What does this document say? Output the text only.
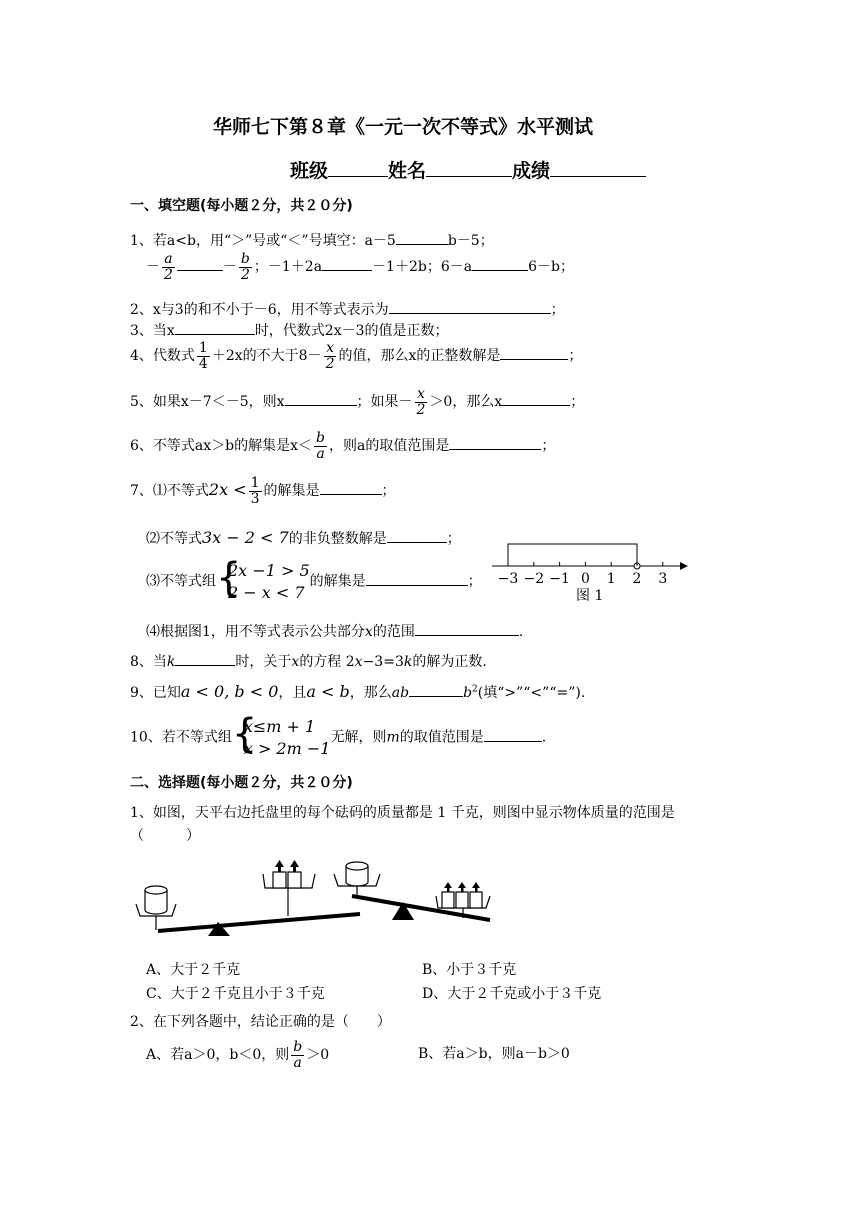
华师七下第８章《一元一次不等式》水平测试
班级	姓名	成绩
一、填空题(每小题２分，共２０分)
1、若a<b，用“＞”号或“＜”号填空：a－5	b－5；
－ $\frac{a}{2}$	－ $\frac{b}{2}$ ；－1＋2a	－1＋2b；6－a	6－b；
2、x与3的和不小于－6，用不等式表示为	；
3、当x	时，代数式2x－3的值是正数；
4、代数式 $\frac{1}{4} +2x$的不大于$8- \frac{x}{2}$ 的值，那么x的正整数解是	；
5、如果x－7＜－5，则x	；如果－ $\frac{x}{2} >0$，那么x	；
6、不等式ax＞b的解集是$x< \frac{b}{a}$ ，则a的取值范围是	；
7、⑴不等式$2x < \frac{1}{3}$ 的解集是	；
⑵不等式3x − 2 < 7的非负整数解是	；
⑶不等式组 {
2x −1 > 5
2 − x < 7
的解集是	； −3 −2 −1 0 1 2 3
图 1
⑷根据图1，用不等式表示公共部分x的范围	.
8、当k	时，关于x的方程 2x−3=3k的解为正数.
9、已知a < 0, b < 0，且a < b，那么ab	$b^2$(填“>”“<”“=”).
10、若不等式组 {
x≤m + 1
x > 2m −1
无解，则m的取值范围是	.
二、选择题(每小题２分，共２０分)
1、如图，天平右边托盘里的每个砝码的质量都是 1 千克，则图中显示物体质量的范围是
（　　　）
A、大于２千克	B、小于３千克
C、大于２千克且小于３千克	D、大于２千克或小于３千克
2、在下列各题中，结论正确的是（　　）
A、若a＞0，b＜0，则 $\frac{b}{a} >0$	B、若a＞b，则a－b＞0
